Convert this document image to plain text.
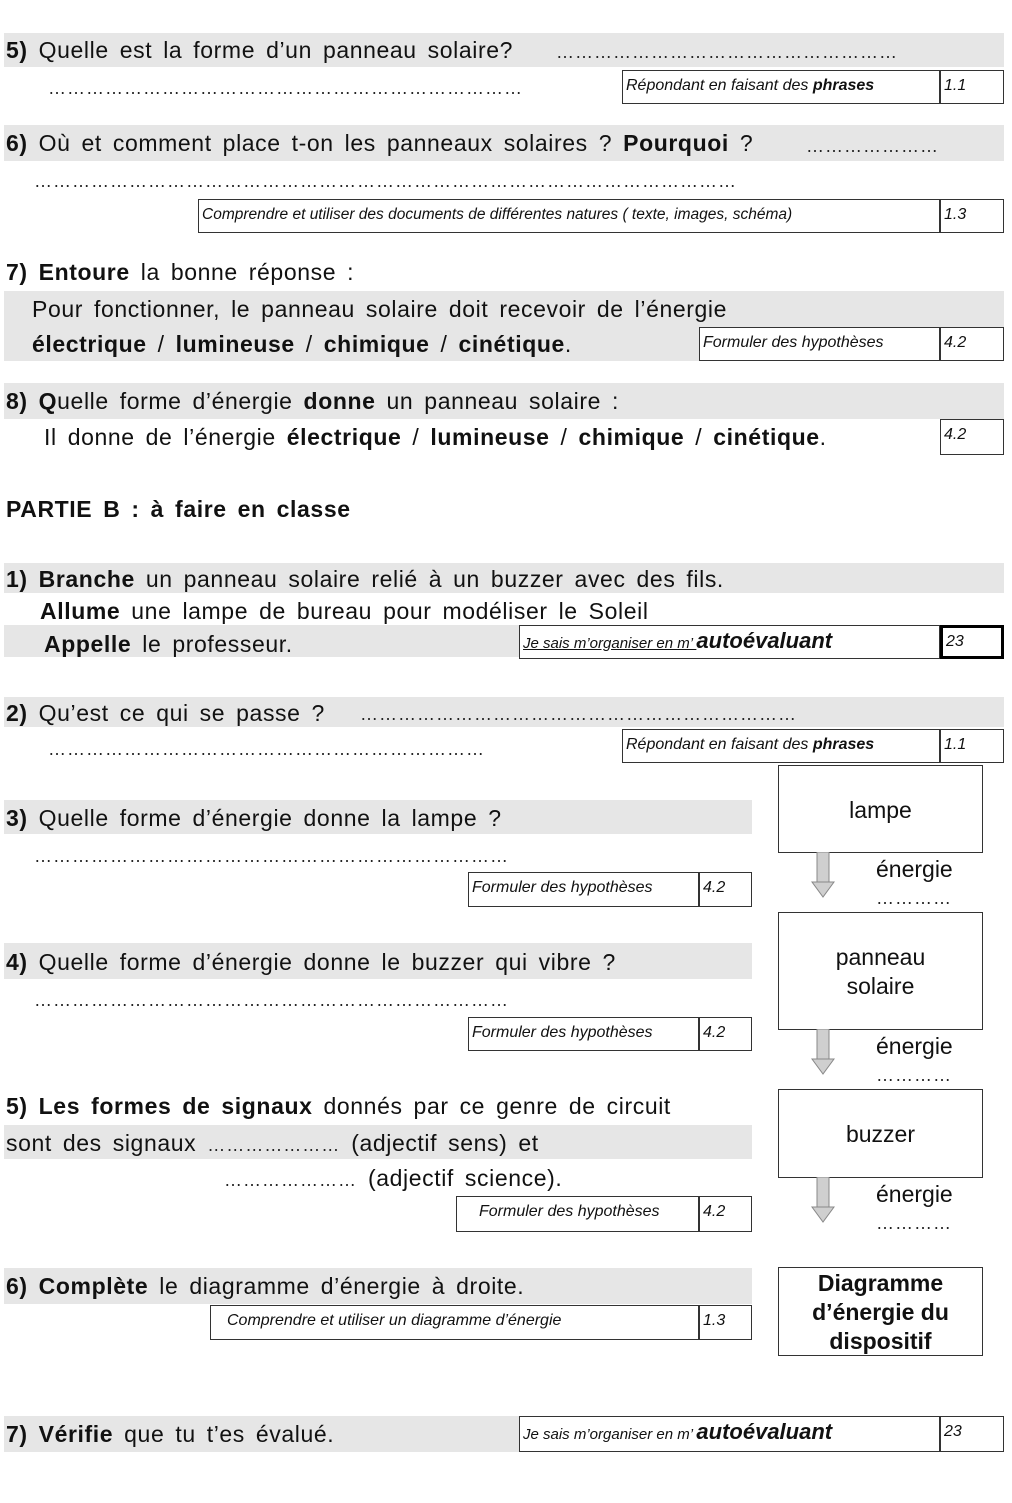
5) Quelle est la forme d’un panneau solaire? ………………………………………………
…………………………………………………………………	Répondant en faisant des phrases	1.1
6) Où et comment place t-on les panneaux solaires ? Pourquoi ?	…………………
…………………………………………………………………………………………………
Comprendre et utiliser des documents de différentes natures ( texte, images, schéma)	1.3
7) Entoure la bonne réponse :
Pour fonctionner, le panneau solaire doit recevoir de l’énergie
électrique / lumineuse / chimique / cinétique.	Formuler des hypothèses	4.2
8) Quelle forme d’énergie donne un panneau solaire :
Il donne de l’énergie électrique / lumineuse / chimique / cinétique.	4.2
PARTIE B : à faire en classe
1) Branche un panneau solaire relié à un buzzer avec des fils.
Allume une lampe de bureau pour modéliser le Soleil
Appelle le professeur.	Je sais m’organiser en m’ autoévaluant	23
2) Qu’est ce qui se passe ? ……………………………………………………………
……………………………………………………………	Répondant en faisant des phrases	1.1
3) Quelle forme d’énergie donne la lampe ?
…………………………………………………………………
Formuler des hypothèses	4.2
4) Quelle forme d’énergie donne le buzzer qui vibre ?
…………………………………………………………………
Formuler des hypothèses	4.2
5) Les formes de signaux donnés par ce genre de circuit
sont des signaux ………………… (adjectif sens) et
………………… (adjectif science).
Formuler des hypothèses	4.2
6) Complète le diagramme d’énergie à droite.
Comprendre et utiliser un diagramme d’énergie	1.3
7) Vérifie que tu t’es évalué.	Je sais m’organiser en m’ autoévaluant	23
lampe
énergie
…………
panneau
solaire
énergie
…………
buzzer
énergie
…………
Diagramme
d’énergie du
dispositif
